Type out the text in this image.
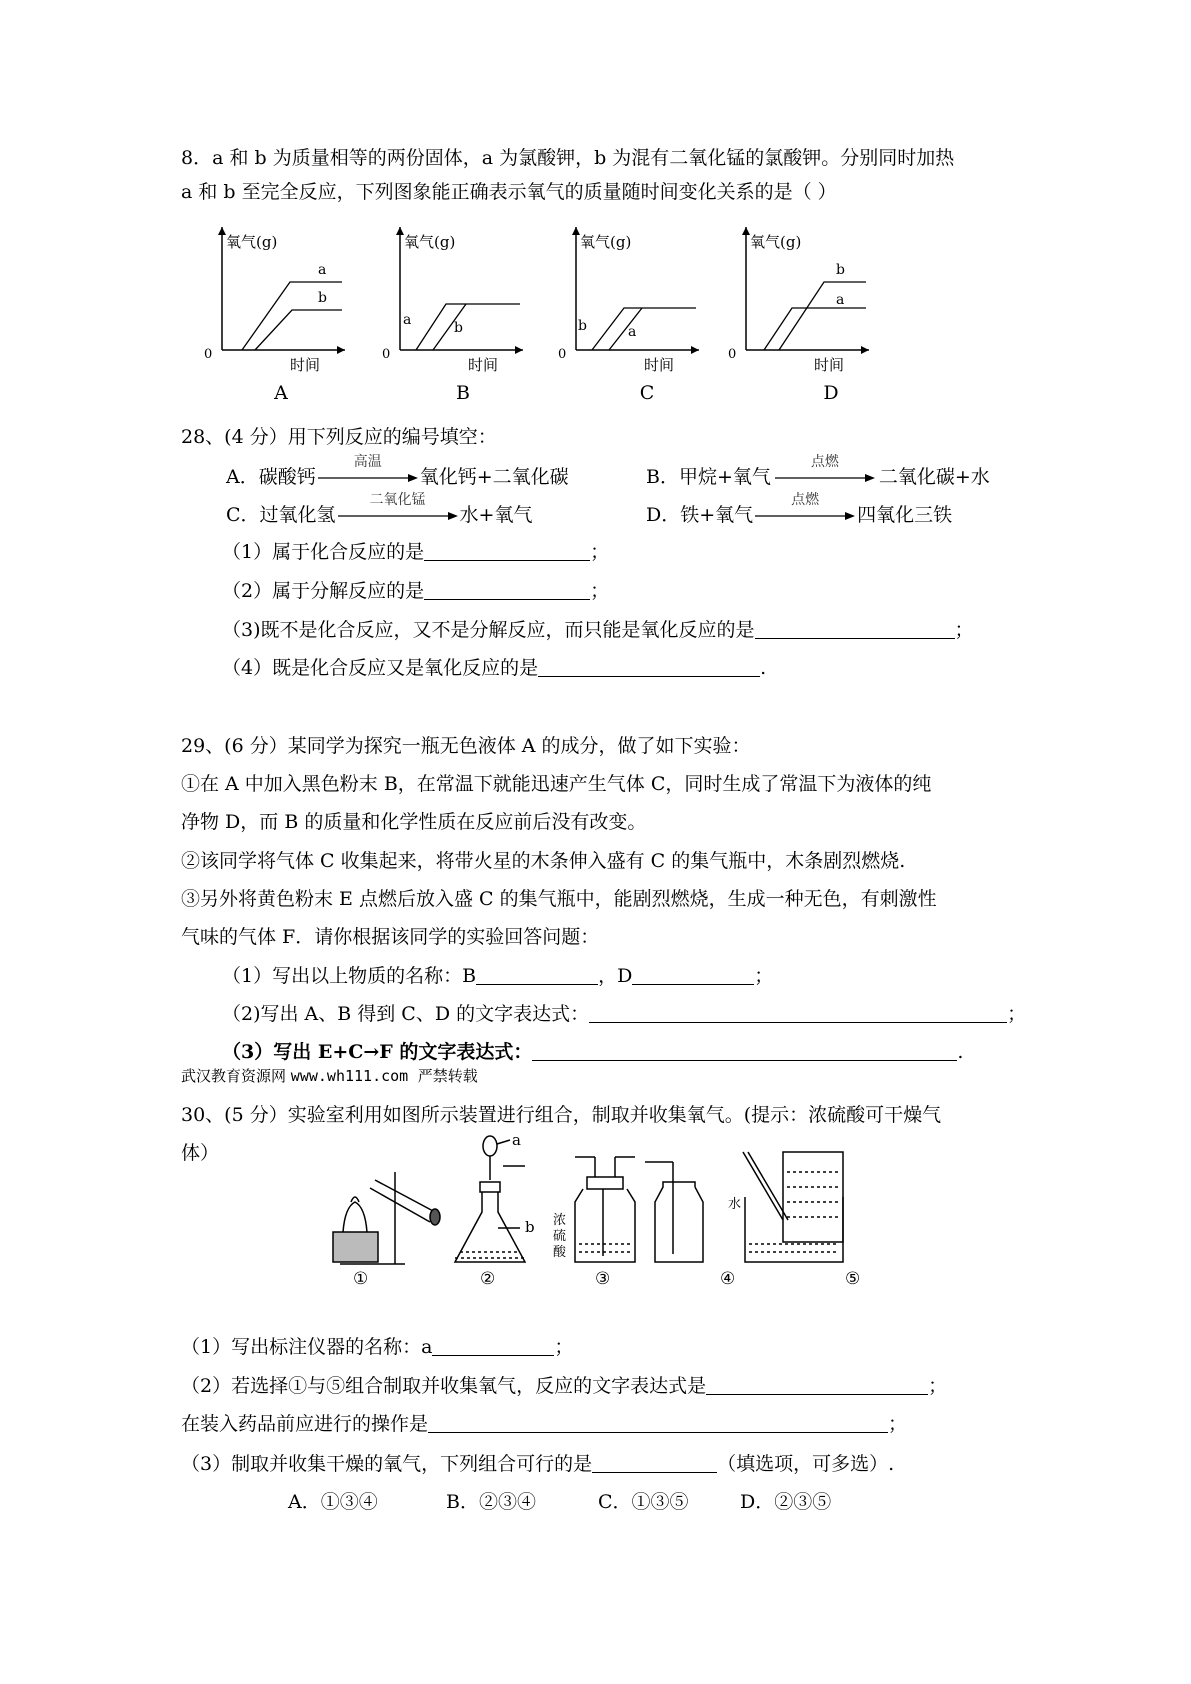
8．a 和 b 为质量相等的两份固体，a 为氯酸钾，b 为混有二氧化锰的氯酸钾。分别同时加热
a 和 b 至完全反应，下列图象能正确表示氧气的质量随时间变化关系的是（ ）
氧气(g)
时间
0
a
b
氧气(g)
时间
0
a	b
氧气(g)
时间
0
b	a
氧气(g)
时间
0
b
a
A	B	C	D
28、(4 分）用下列反应的编号填空：
A．碳酸钙
高温
氧化钙+二氧化碳	B．甲烷+氧气
点燃
二氧化碳+水
C．过氧化氢
二氧化锰
水+氧气	D．铁+氧气
点燃
四氧化三铁
（1）属于化合反应的是	；
（2）属于分解反应的是	；
（3)既不是化合反应，又不是分解反应，而只能是氧化反应的是	；
（4）既是化合反应又是氧化反应的是	.
29、(6 分）某同学为探究一瓶无色液体 A 的成分，做了如下实验：
①在 A 中加入黑色粉末 B，在常温下就能迅速产生气体 C，同时生成了常温下为液体的纯
净物 D，而 B 的质量和化学性质在反应前后没有改变。
②该同学将气体 C 收集起来，将带火星的木条伸入盛有 C 的集气瓶中，木条剧烈燃烧.
③另外将黄色粉末 E 点燃后放入盛 C 的集气瓶中，能剧烈燃烧，生成一种无色，有刺激性
气味的气体 F．请你根据该同学的实验回答问题：
（1）写出以上物质的名称：B	，D	；
（2)写出 A、B 得到 C、D 的文字表达式：	；
（3）写出 E+C→F 的文字表达式：	.
武汉教育资源网 www.wh111.com 严禁转载
30、(5 分）实验室利用如图所示装置进行组合，制取并收集氧气。(提示：浓硫酸可干燥气
体）
a
b 浓
硫
酸
水
①	②	③	④	⑤
（1）写出标注仪器的名称：a	；
（2）若选择①与⑤组合制取并收集氧气，反应的文字表达式是	；
在装入药品前应进行的操作是	；
（3）制取并收集干燥的氧气，下列组合可行的是	（填选项，可多选）.
A．①③④	B．②③④	C．①③⑤	D．②③⑤
